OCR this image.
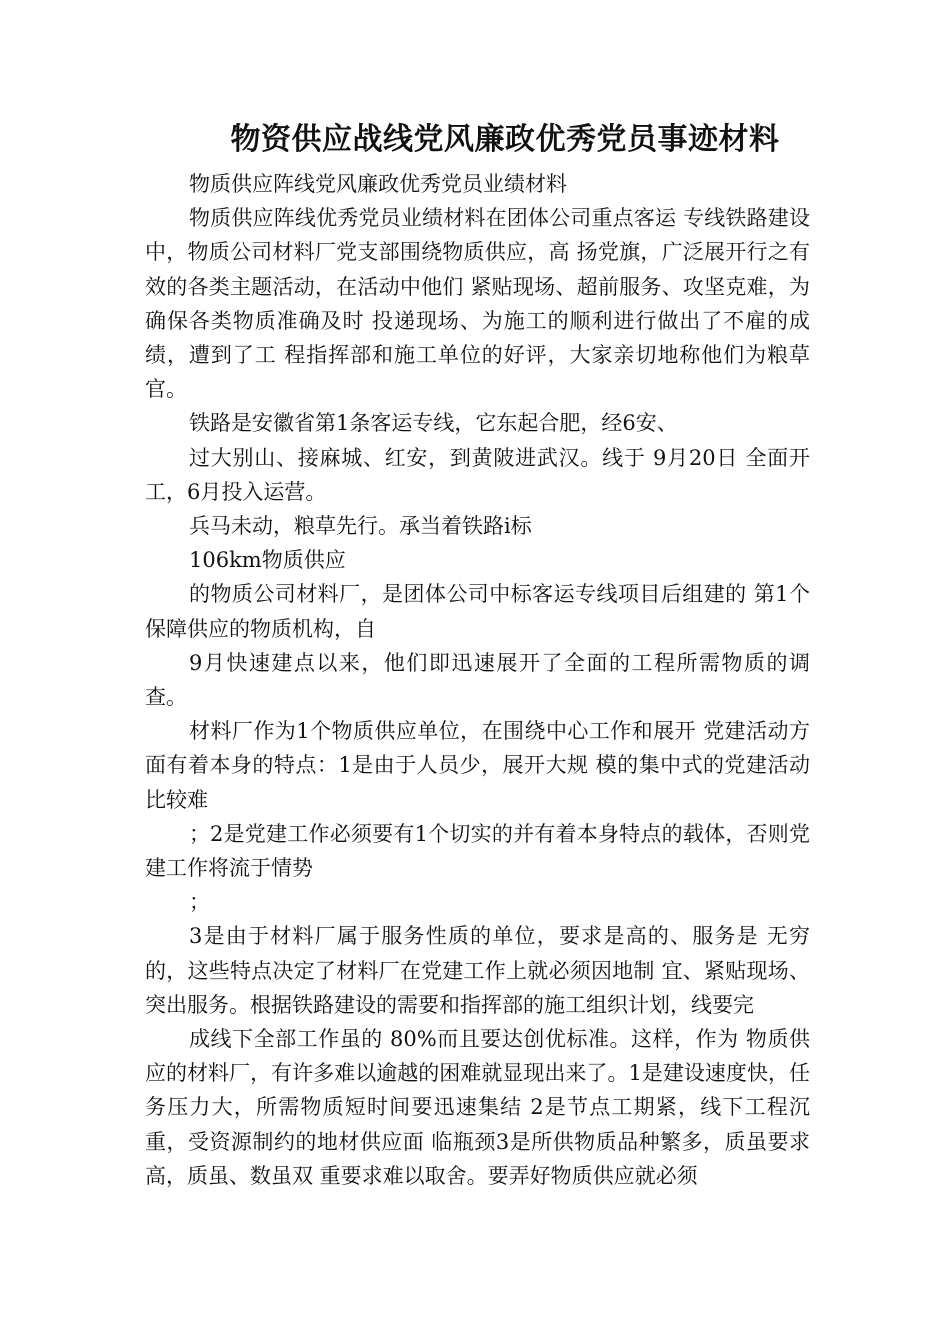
物资供应战线党风廉政优秀党员事迹材料

物质供应阵线党风廉政优秀党员业绩材料

物质供应阵线优秀党员业绩材料在团体公司重点客运 专线铁路建设中，物质公司材料厂党支部围绕物质供应，高 扬党旗，广泛展开行之有效的各类主题活动，在活动中他们 紧贴现场、超前服务、攻坚克难，为确保各类物质准确及时 投递现场、为施工的顺利进行做出了不雇的成绩，遭到了工 程指挥部和施工单位的好评，大家亲切地称他们为粮草官。

铁路是安徽省第1条客运专线，它东起合肥，经6安、

过大别山、接麻城、红安，到黄陂进武汉。线于 9月20日 全面开工，6月投入运营。

兵马未动，粮草先行。承当着铁路i标

106km物质供应

的物质公司材料厂，是团体公司中标客运专线项目后组建的 第1个保障供应的物质机构，自

9月快速建点以来，他们即迅速展开了全面的工程所需物质的调查。

材料厂作为1个物质供应单位，在围绕中心工作和展开 党建活动方面有着本身的特点：1是由于人员少，展开大规 模的集中式的党建活动比较难

；2是党建工作必须要有1个切实的并有着本身特点的载体，否则党建工作将流于情势

；

3是由于材料厂属于服务性质的单位，要求是高的、服务是 无穷的，这些特点决定了材料厂在党建工作上就必须因地制 宜、紧贴现场、突出服务。根据铁路建设的需要和指挥部的施工组织计划，线要完

成线下全部工作虽的 80%而且要达创优标准。这样，作为 物质供应的材料厂，有许多难以逾越的困难就显现出来了。1是建设速度快，任务压力大，所需物质短时间要迅速集结 2是节点工期紧，线下工程沉重，受资源制约的地材供应面 临瓶颈3是所供物质品种繁多，质虽要求高，质虽、数虽双 重要求难以取舍。要弄好物质供应就必须
